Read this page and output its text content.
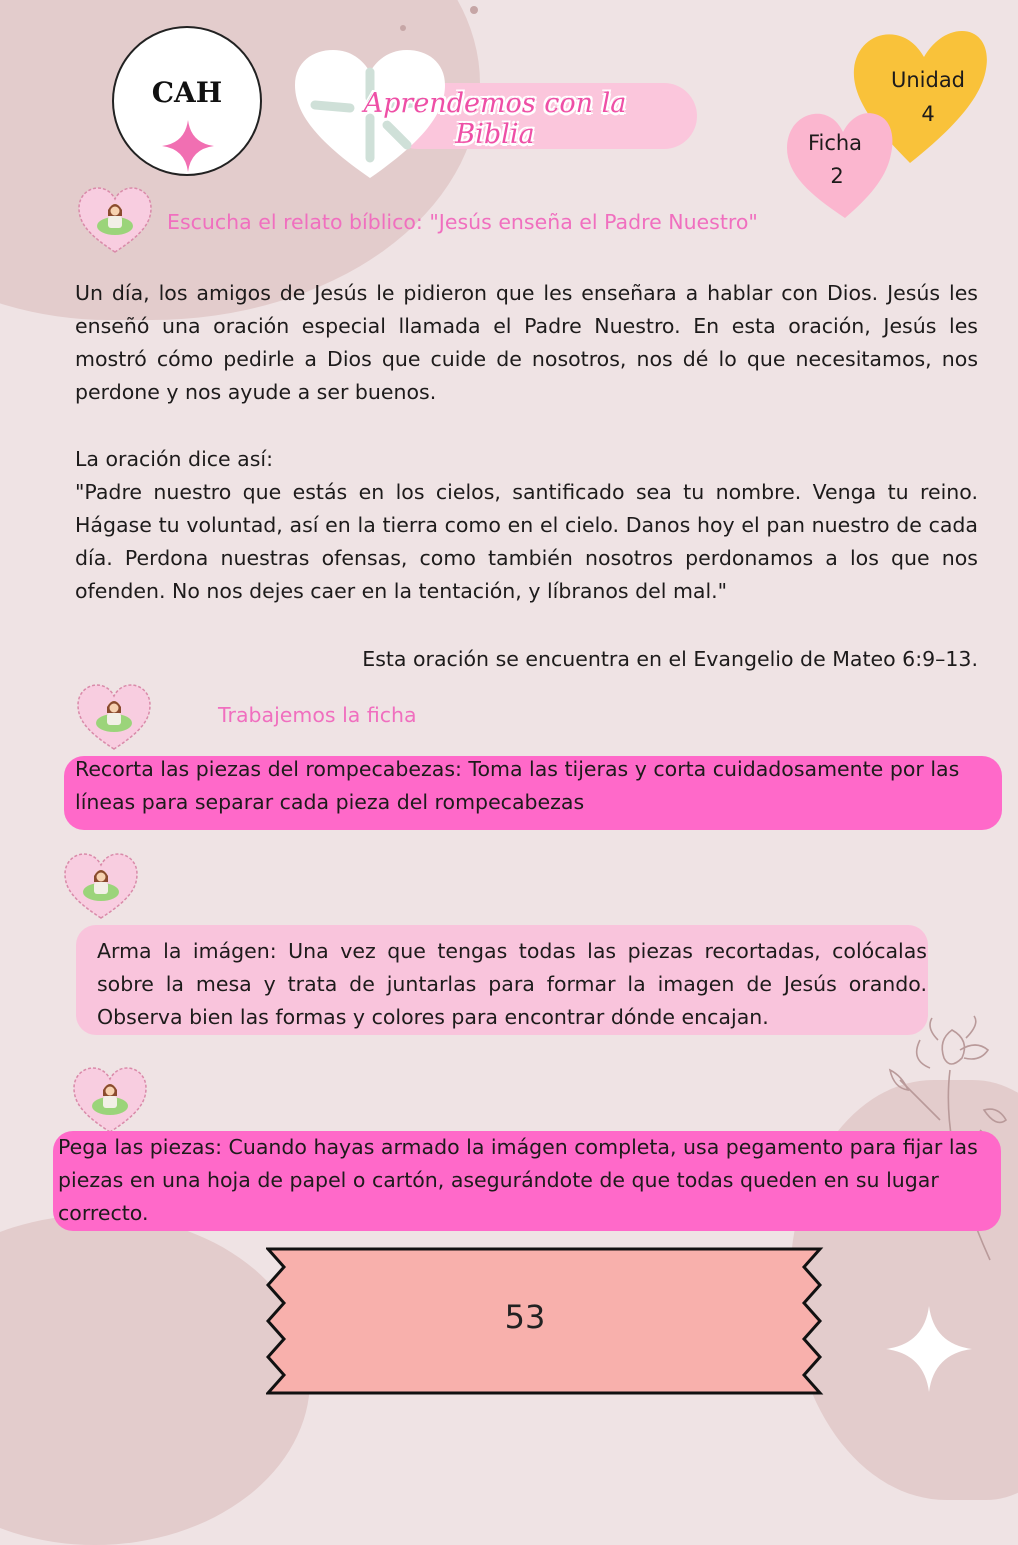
CAH	Aprendemos con la Biblia
Unidad
4
Ficha
2
Escucha el relato bíblico: "Jesús enseña el Padre Nuestro"
Un día, los amigos de Jesús le pidieron que les enseñara a hablar con Dios. Jesús les enseñó una oración especial llamada el Padre Nuestro. En esta oración, Jesús les mostró cómo pedirle a Dios que cuide de nosotros, nos dé lo que necesitamos, nos perdone y nos ayude a ser buenos.
La oración dice así:
"Padre nuestro que estás en los cielos, santificado sea tu nombre. Venga tu reino. Hágase tu voluntad, así en la tierra como en el cielo. Danos hoy el pan nuestro de cada día. Perdona nuestras ofensas, como también nosotros perdonamos a los que nos ofenden. No nos dejes caer en la tentación, y líbranos del mal."
Esta oración se encuentra en el Evangelio de Mateo 6:9–13.
Trabajemos la ficha
Recorta las piezas del rompecabezas: Toma las tijeras y corta cuidadosamente por las líneas para separar cada pieza del rompecabezas
Arma la imágen: Una vez que tengas todas las piezas recortadas, colócalas sobre la mesa y trata de juntarlas para formar la imagen de Jesús orando. Observa bien las formas y colores para encontrar dónde encajan.
Pega las piezas: Cuando hayas armado la imágen completa, usa pegamento para fijar las piezas en una hoja de papel o cartón, asegurándote de que todas queden en su lugar correcto.
53
